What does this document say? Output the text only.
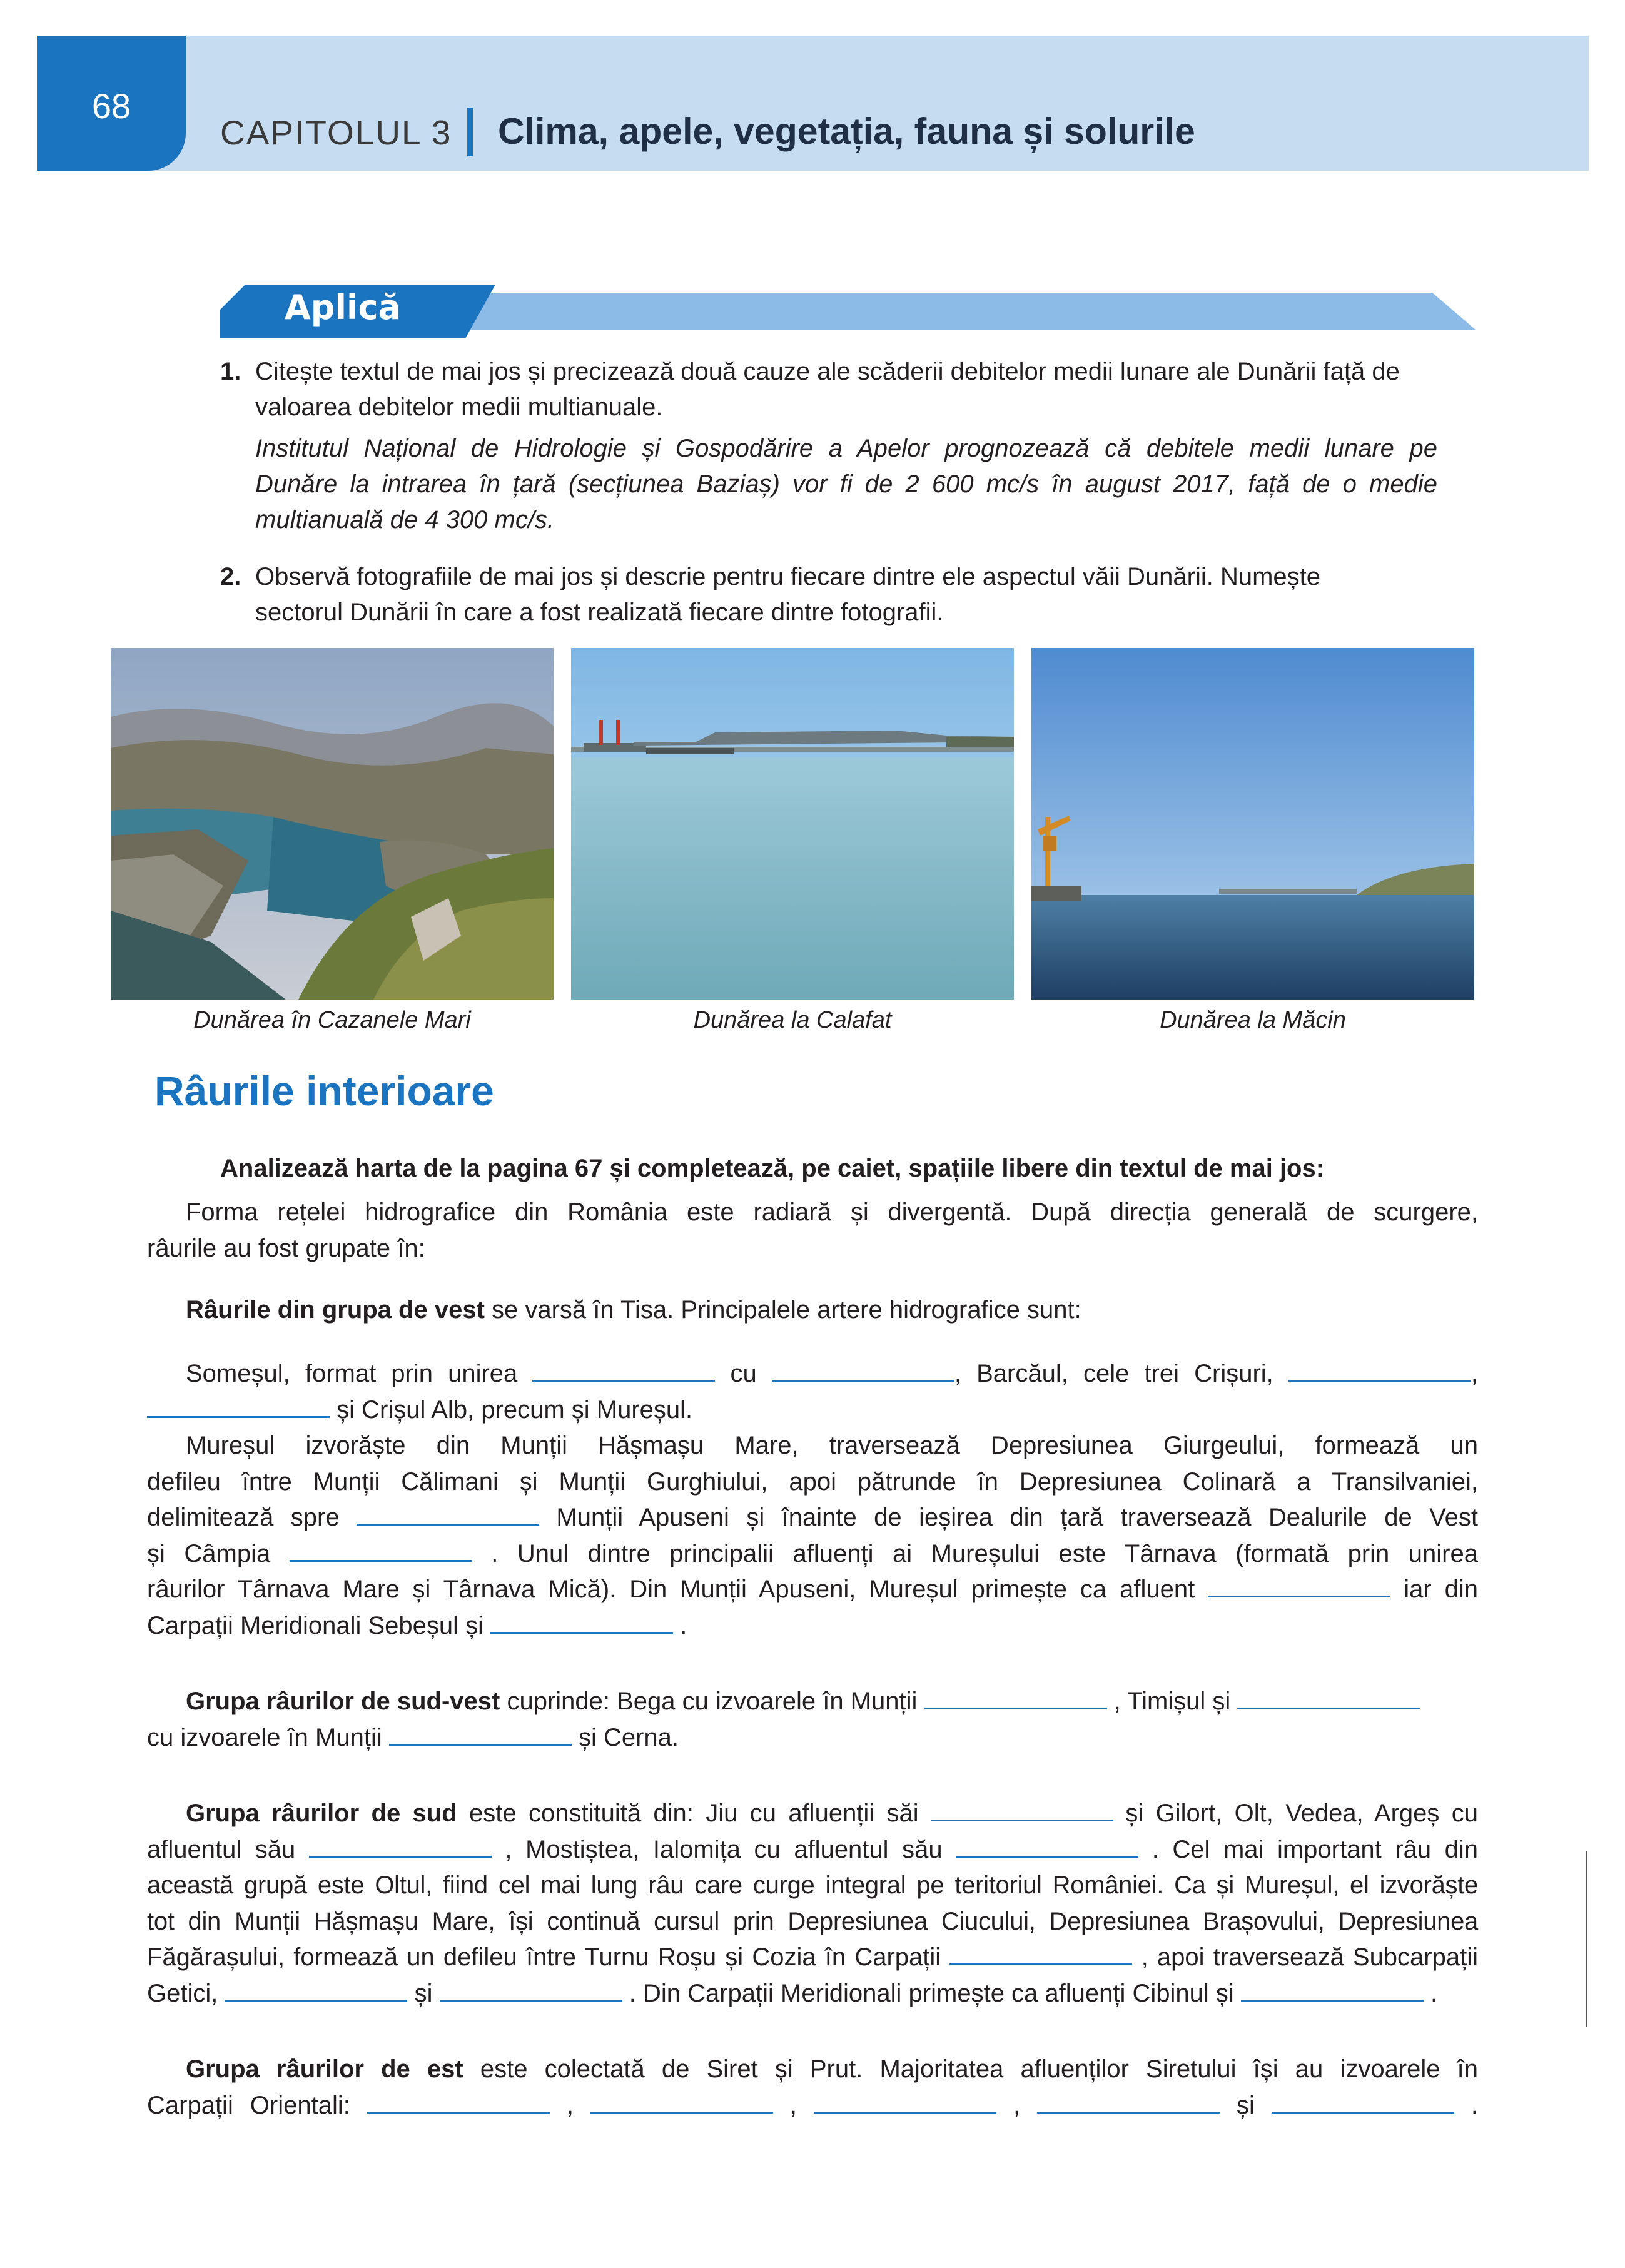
68
CAPITOLUL 3 Clima, apele, vegetația, fauna și solurile
Aplică
1. Citește textul de mai jos și precizează două cauze ale scăderii debitelor medii lunare ale Dunării față de
valoarea debitelor medii multianuale.
Institutul Național de Hidrologie și Gospodărire a Apelor prognozează că debitele medii lunare pe
Dunăre la intrarea în țară (secțiunea Baziaș) vor fi de 2 600 mc/s în august 2017, față de o medie
multianuală de 4 300 mc/s.
2. Observă fotografiile de mai jos și descrie pentru fiecare dintre ele aspectul văii Dunării. Numește
sectorul Dunării în care a fost realizată fiecare dintre fotografii.
Dunărea în Cazanele Mari	Dunărea la Calafat	Dunărea la Măcin
Râurile interioare
Analizează harta de la pagina 67 și completează, pe caiet, spațiile libere din textul de mai jos:
Forma rețelei hidrografice din România este radiară și divergentă. După direcția generală de scurgere,
râurile au fost grupate în:
Râurile din grupa de vest se varsă în Tisa. Principalele artere hidrografice sunt:
Someșul, format prin unirea	cu	, Barcăul, cele trei Crișuri,	,
și Crișul Alb, precum și Mureșul.
Mureșul izvorăște din Munții Hășmașu Mare, traversează Depresiunea Giurgeului, formează un
defileu între Munții Călimani și Munții Gurghiului, apoi pătrunde în Depresiunea Colinară a Transilvaniei,
delimitează spre	Munții Apuseni și înainte de ieșirea din țară traversează Dealurile de Vest
și Câmpia	. Unul dintre principalii afluenți ai Mureșului este Târnava (formată prin unirea
râurilor Târnava Mare și Târnava Mică). Din Munții Apuseni, Mureșul primește ca afluent	iar din
Carpații Meridionali Sebeșul și	.
Grupa râurilor de sud-vest cuprinde: Bega cu izvoarele în Munții	, Timișul și
cu izvoarele în Munții	și Cerna.
Grupa râurilor de sud este constituită din: Jiu cu afluenții săi	și Gilort, Olt, Vedea, Argeș cu
afluentul său	, Mostiștea, Ialomița cu afluentul său	. Cel mai important râu din
această grupă este Oltul, fiind cel mai lung râu care curge integral pe teritoriul României. Ca și Mureșul, el izvorăște
tot din Munții Hășmașu Mare, își continuă cursul prin Depresiunea Ciucului, Depresiunea Brașovului, Depresiunea
Făgărașului, formează un defileu între Turnu Roșu și Cozia în Carpații	, apoi traversează Subcarpații
Getici,	și	. Din Carpații Meridionali primește ca afluenți Cibinul și	.
Grupa râurilor de est este colectată de Siret și Prut. Majoritatea afluenților Siretului își au izvoarele în
Carpații Orientali:	,	,	,	și	.
